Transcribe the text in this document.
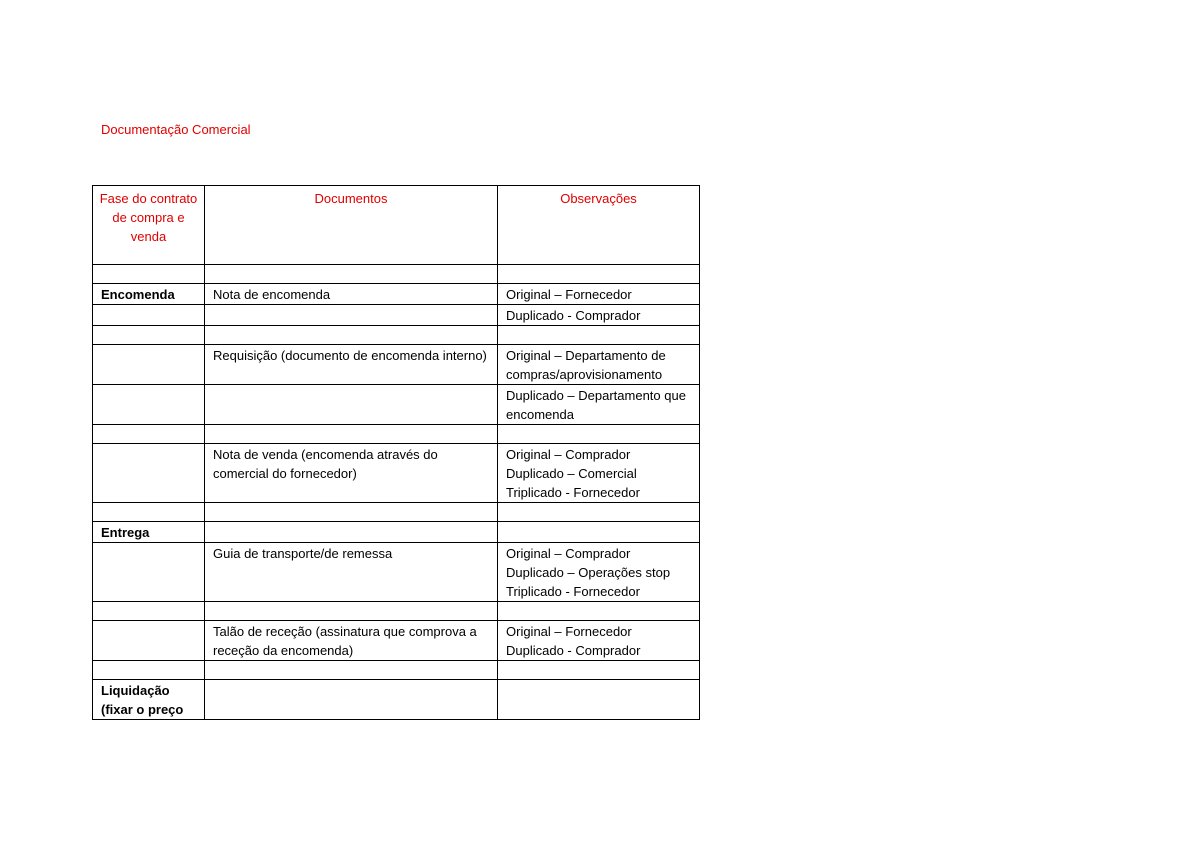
Documentação Comercial
Fase do contrato de compra e venda	Documentos	Observações

Encomenda	Nota de encomenda	Original – Fornecedor

		Duplicado - Comprador

	Requisição (documento de encomenda interno)	Original – Departamento de compras/aprovisionamento

		Duplicado – Departamento que encomenda

	Nota de venda (encomenda através do comercial do fornecedor)	Original – Comprador
Duplicado – Comercial
Triplicado - Fornecedor

Entrega	

	Guia de transporte/de remessa	Original – Comprador
Duplicado – Operações stop
Triplicado - Fornecedor

	Talão de receção (assinatura que comprova a receção da encomenda)	Original – Fornecedor
Duplicado - Comprador

Liquidação (fixar o preço	
